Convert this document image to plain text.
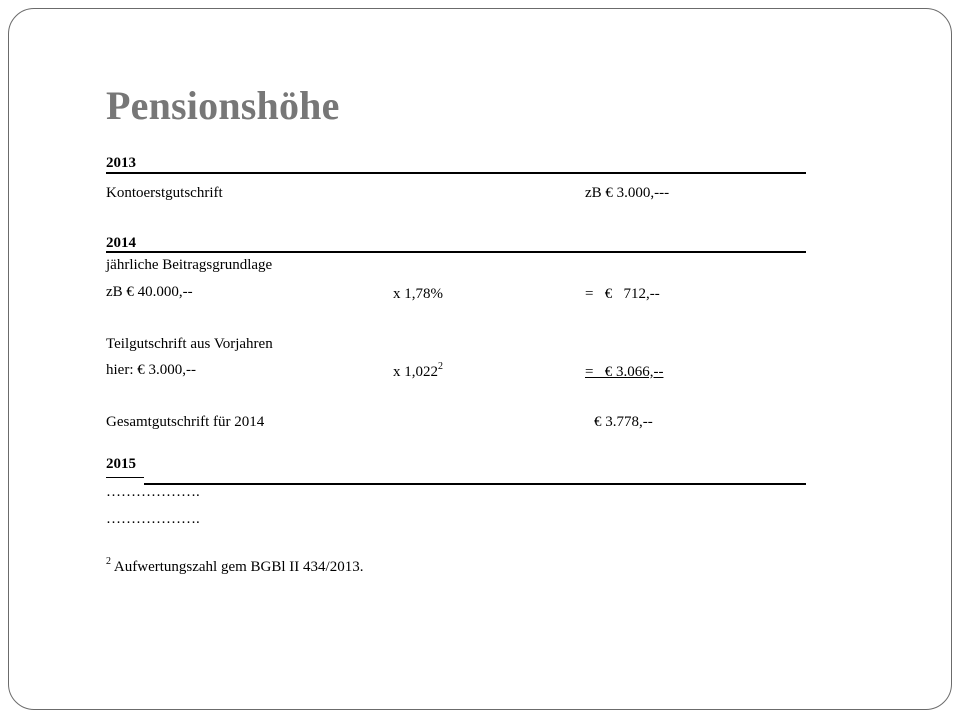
Pensionshöhe
2013
Kontoerstgutschrift	zB € 3.000,---
2014
jährliche Beitragsgrundlage
zB € 40.000,--	x 1,78%	=   €   712,--
Teilgutschrift aus Vorjahren
hier: € 3.000,--	x $1,022^2$	=   € 3.066,--
Gesamtgutschrift für 2014	€ 3.778,--
2015
……………….
……………….
$^2$ Aufwertungszahl gem BGBl II 434/2013.
